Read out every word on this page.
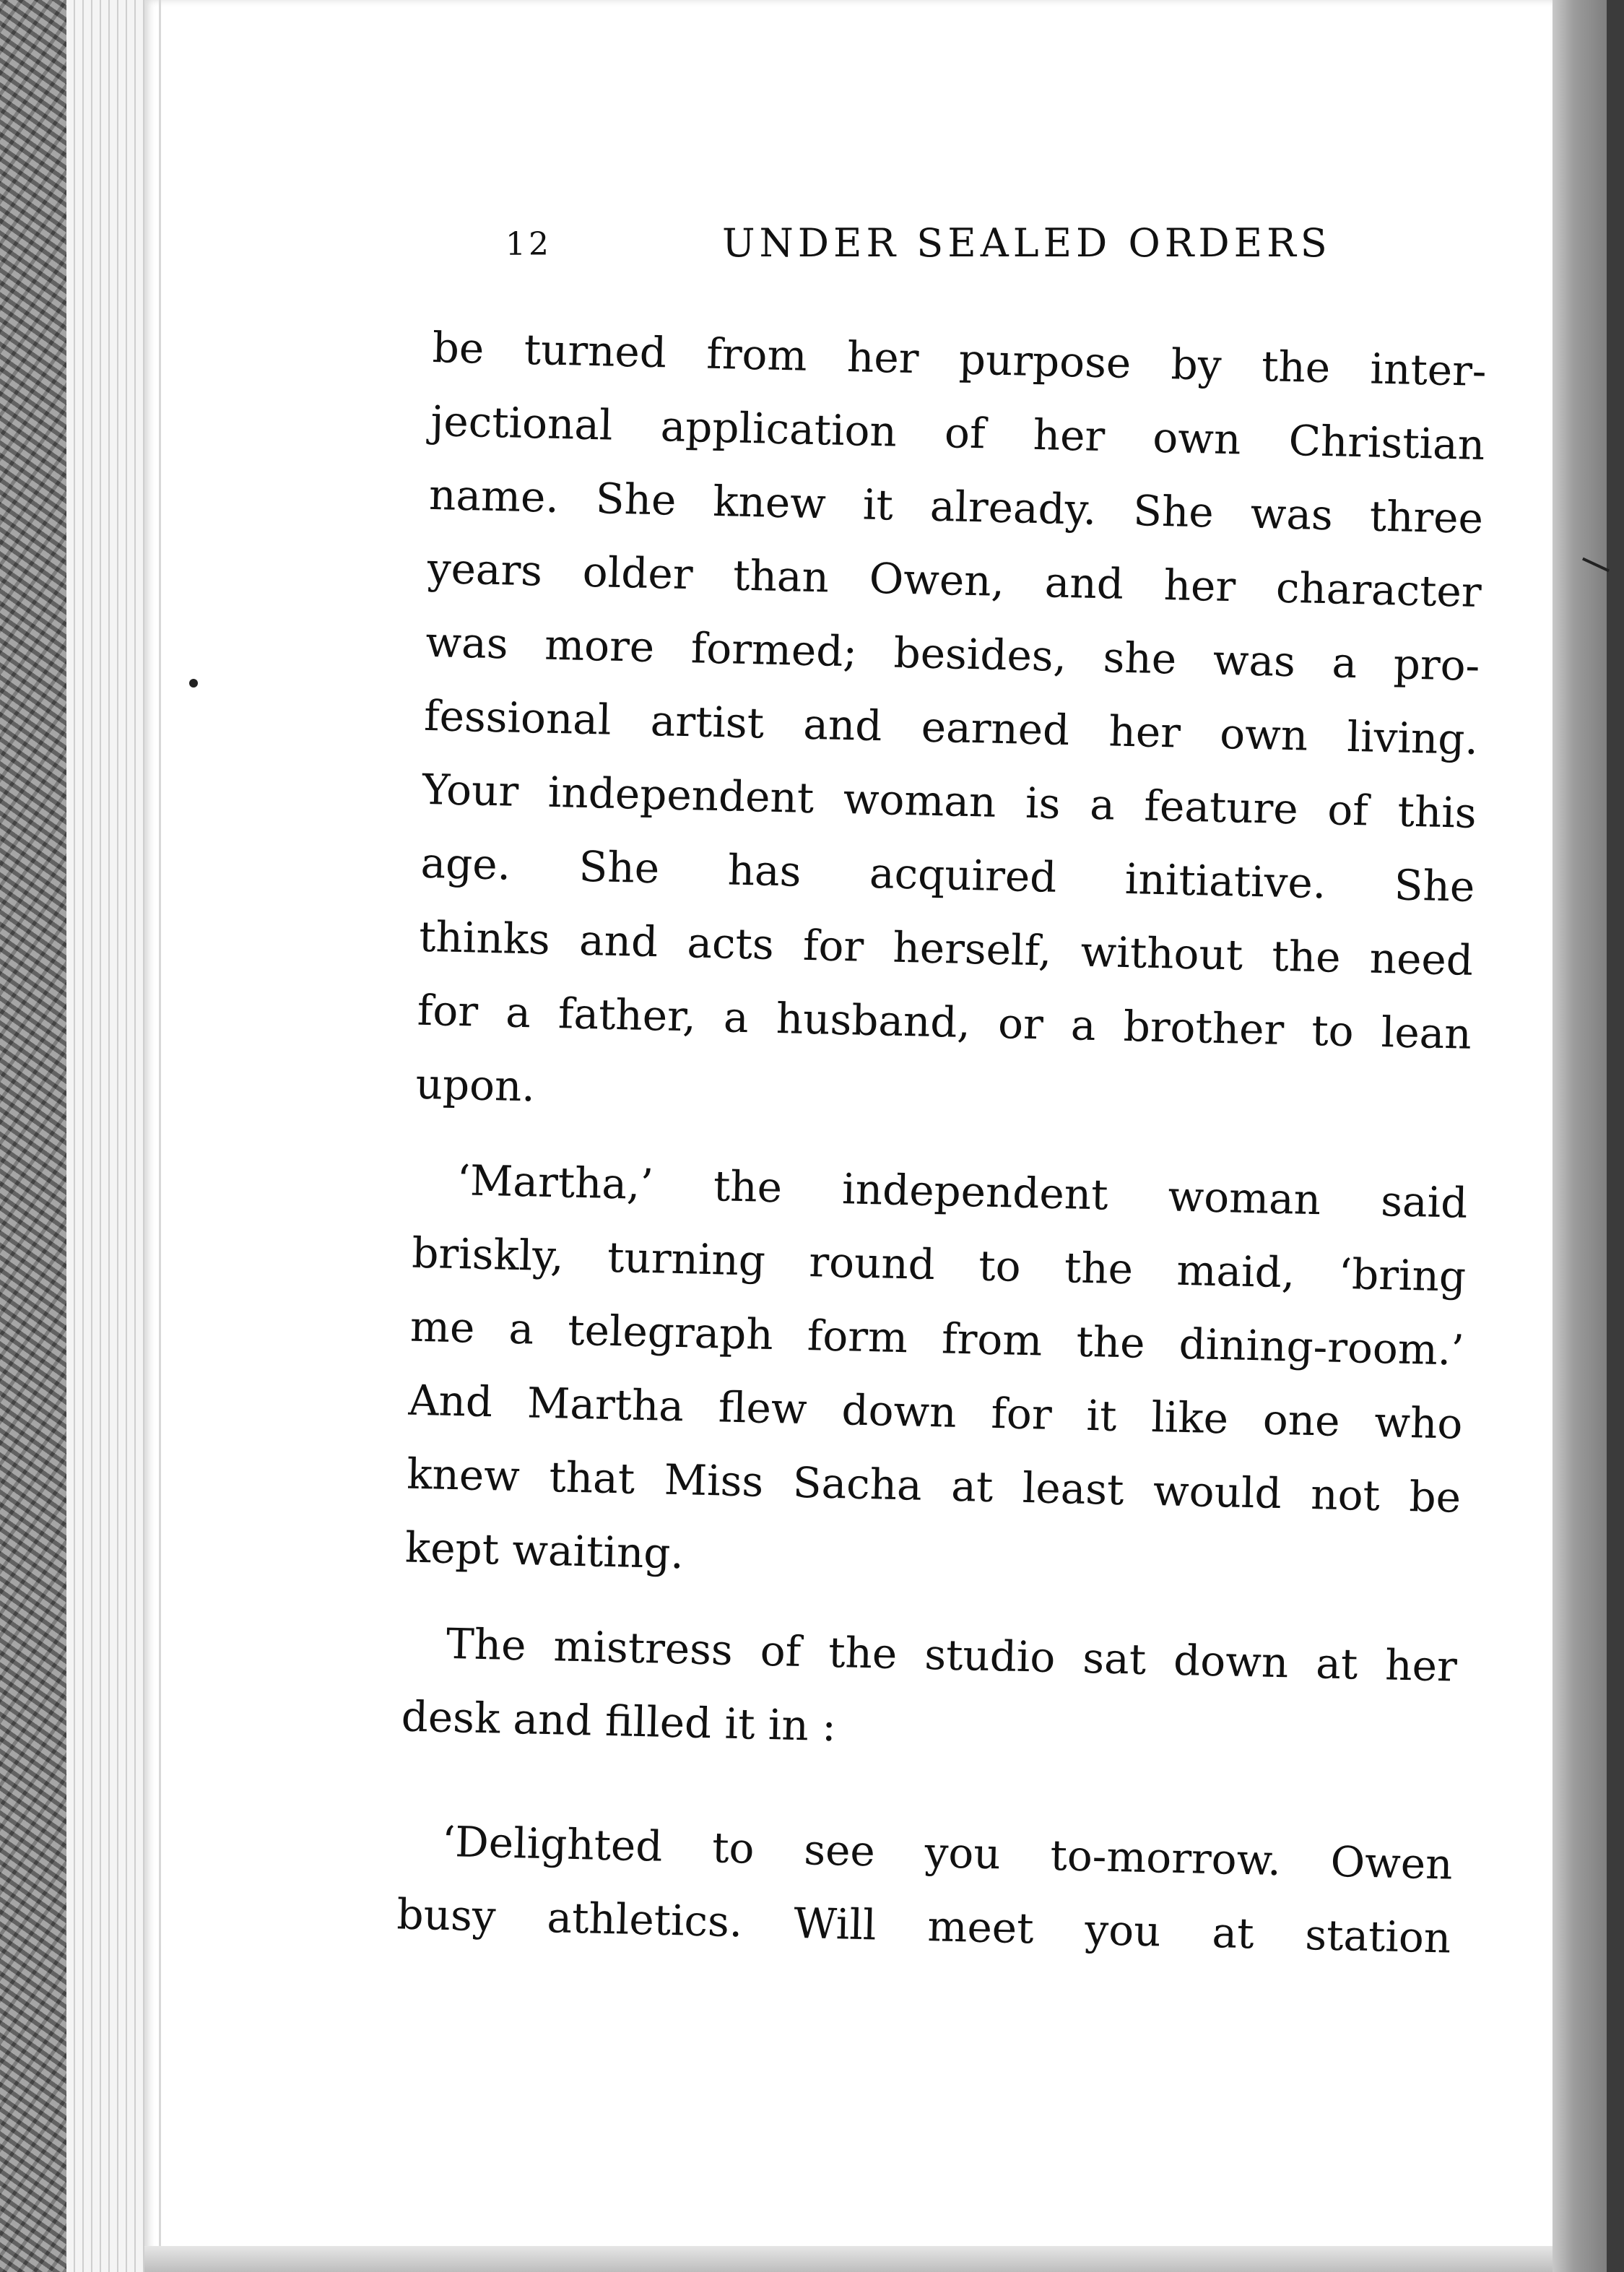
12	UNDER SEALED ORDERS
be turned from her purpose by the inter-
jectional application of her own Christian
name. She knew it already. She was three
years older than Owen, and her character
was more formed; besides, she was a pro-
fessional artist and earned her own living.
Your independent woman is a feature of this
age. She has acquired initiative. She
thinks and acts for herself, without the need
for a father, a husband, or a brother to lean
upon.
‘Martha,’ the independent woman said
briskly, turning round to the maid, ‘bring
me a telegraph form from the dining-room.’
And Martha flew down for it like one who
knew that Miss Sacha at least would not be
kept waiting.
The mistress of the studio sat down at her
desk and filled it in :
‘Delighted to see you to-morrow. Owen
busy athletics. Will meet you at station
